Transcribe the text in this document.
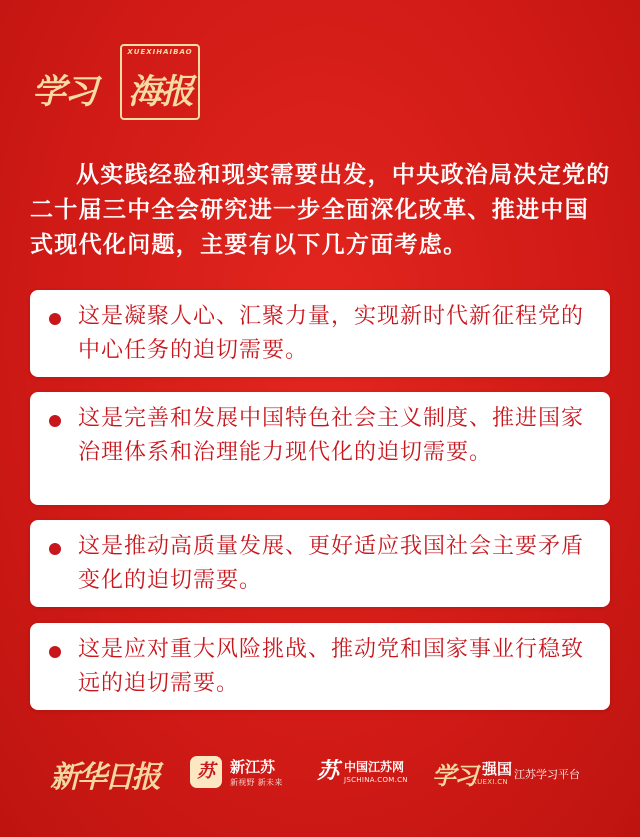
学习
XUEXIHAIBAO
海报
从实践经验和现实需要出发，中央政治局决定党的二十届三中全会研究进一步全面深化改革、推进中国式现代化问题，主要有以下几方面考虑。
这是凝聚人心、汇聚力量，实现新时代新征程党的中心任务的迫切需要。
这是完善和发展中国特色社会主义制度、推进国家治理体系和治理能力现代化的迫切需要。
这是推动高质量发展、更好适应我国社会主要矛盾变化的迫切需要。
这是应对重大风险挑战、推动党和国家事业行稳致远的迫切需要。
新华日报	苏	新江苏
新视野 新未来 苏 中国江苏网
JSCHINA.COM.CN 学习 强国
XUEXI.CN
江苏学习平台
